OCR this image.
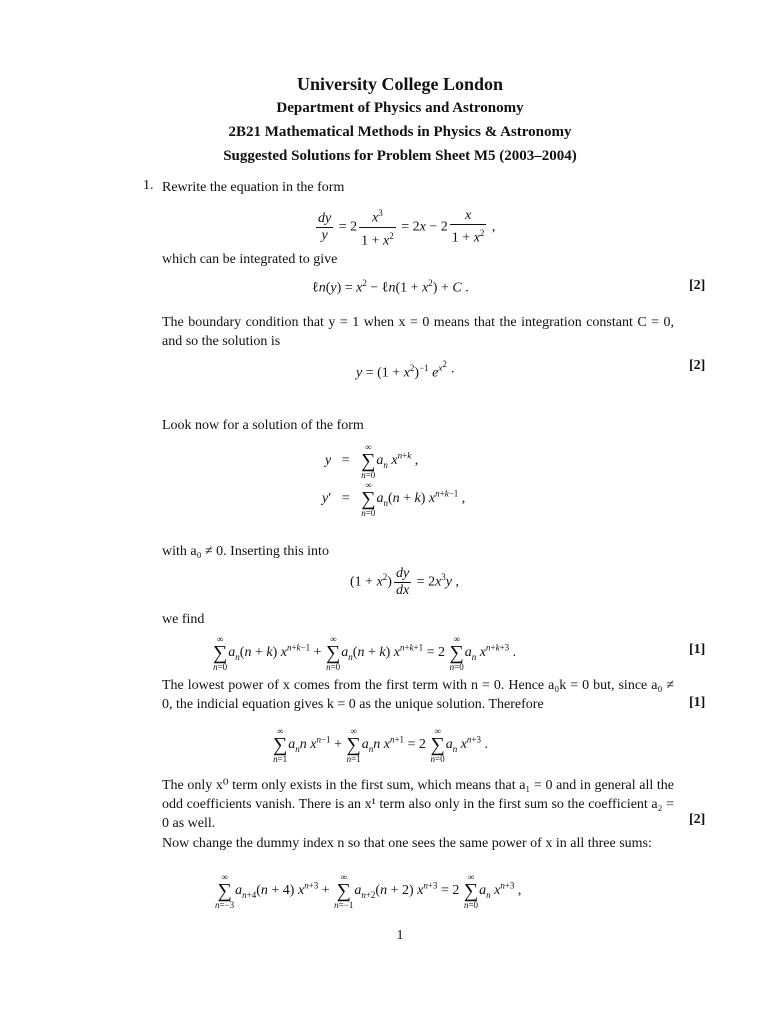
University College London
Department of Physics and Astronomy
2B21 Mathematical Methods in Physics & Astronomy
Suggested Solutions for Problem Sheet M5 (2003–2004)
1. Rewrite the equation in the form
$\frac{dy}{y} = 2 \frac{x^3}{1 + x^2} = 2x - 2 \frac{x}{1 + x^2}$ ,
which can be integrated to give
ℓn(y) = $x^2$ − ℓn(1 + $x^2) + C$ .	[2]
The boundary condition that y = 1 when x = 0 means that the integration constant C = 0, and so the solution is
$y = (1 + x^2)^{-1}$ $e^{x^2}$ ·
[2]
Look now for a solution of the form
y   =
∞
∑
n=0
$a_n$ $x^{n+k}$ ,
y′   =
∞
∑
n=0
$a_n(n + k)$ $x^{n+k-1}$ ,
with a₀ ≠ 0. Inserting this into
$(1 + x^2) \frac{dy}{dx} = 2x^3y$ ,
we find
∞
∑
n=0
$a_n(n + k) x^{n+k-1}$ +
∞
∑
n=0
$a_n(n + k) x^{n+k+1} = 2$
∞
∑
n=0
$a_n$ $x^{n+k+3}$ .	[1]
The lowest power of x comes from the first term with n = 0. Hence a₀k = 0 but, since a₀ ≠ 0, the indicial equation gives k = 0 as the unique solution. Therefore	[1]
∞
∑
n=1
$a_nn$ $x^{n-1}$ +
∞
∑
n=1
$a_nn$ $x^{n+1} = 2$
∞
∑
n=0
$a_n$ $x^{n+3}$ .
The only x⁰ term only exists in the first sum, which means that a₁ = 0 and in general all the odd coefficients vanish. There is an x¹ term also only in the first sum so the coefficient a₂ = 0 as well.	[2]
Now change the dummy index n so that one sees the same power of x in all three sums:
∞
∑
n=−3
$a_{n+4}(n + 4) x^{n+3}$ +
∞
∑
n=−1
$a_{n+2}(n + 2) x^{n+3} = 2$
∞
∑
n=0
$a_n$ $x^{n+3}$ ,
1
